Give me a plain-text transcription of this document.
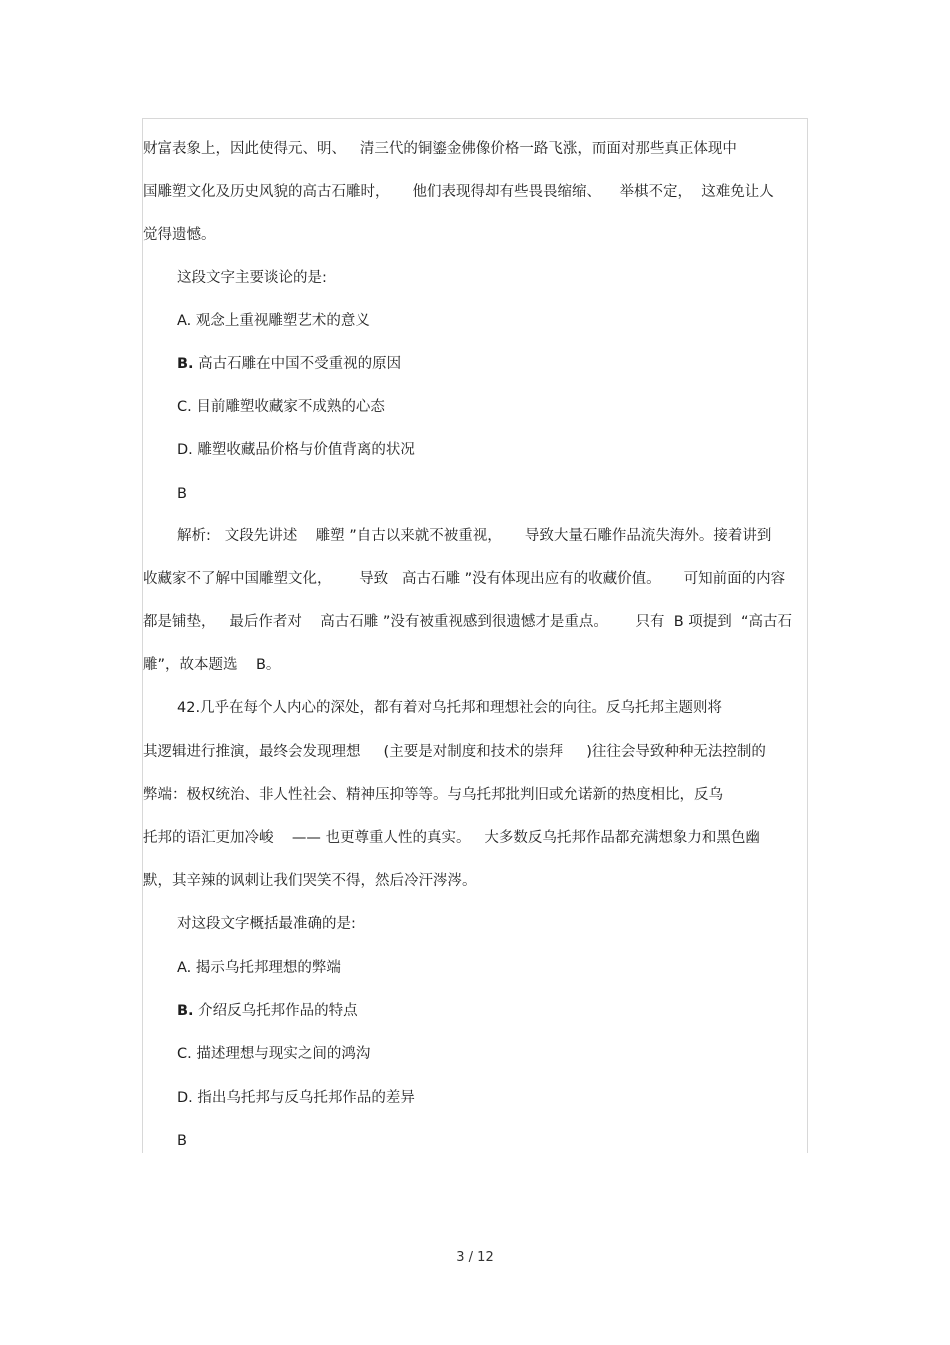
财富表象上，因此使得元、明、   清三代的铜鎏金佛像价格一路飞涨，而面对那些真正体现中
国雕塑文化及历史风貌的高古石雕时，     他们表现得却有些畏畏缩缩、    举棋不定，  这难免让人
觉得遗憾。
这段文字主要谈论的是:
A. 观念上重视雕塑艺术的意义
B. 高古石雕在中国不受重视的原因
C. 目前雕塑收藏家不成熟的心态
D. 雕塑收藏品价格与价值背离的状况
B
解析:   文段先讲述    雕塑 ”自古以来就不被重视，     导致大量石雕作品流失海外。接着讲到
收藏家不了解中国雕塑文化，      导致   高古石雕 ”没有体现出应有的收藏价值。     可知前面的内容
都是铺垫，   最后作者对    高古石雕 ”没有被重视感到很遗憾才是重点。      只有  B 项提到  “高古石
雕”，故本题选    B。
42.几乎在每个人内心的深处，都有着对乌托邦和理想社会的向往。反乌托邦主题则将
其逻辑进行推演，最终会发现理想     (主要是对制度和技术的崇拜     )往往会导致种种无法控制的
弊端：极权统治、非人性社会、精神压抑等等。与乌托邦批判旧或允诺新的热度相比，反乌
托邦的语汇更加冷峻    —— 也更尊重人性的真实。   大多数反乌托邦作品都充满想象力和黑色幽
默，其辛辣的讽刺让我们哭笑不得，然后冷汗涔涔。
对这段文字概括最准确的是:
A. 揭示乌托邦理想的弊端
B. 介绍反乌托邦作品的特点
C. 描述理想与现实之间的鸿沟
D. 指出乌托邦与反乌托邦作品的差异
B
3 / 12
